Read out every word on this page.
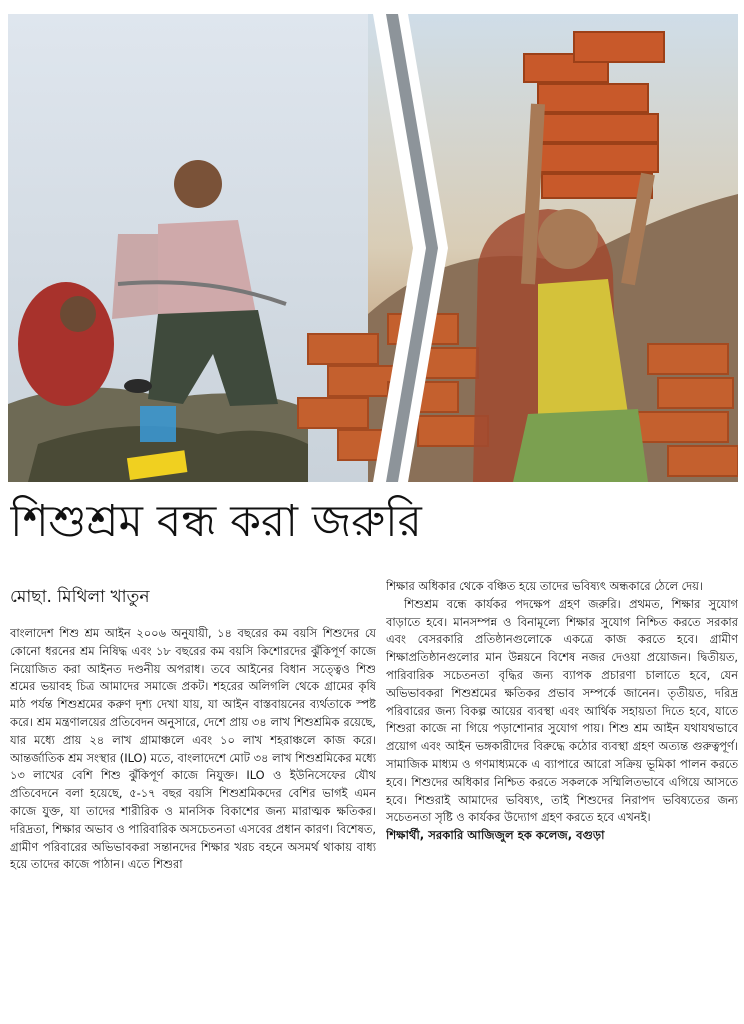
শিশুশ্রম বন্ধ করা জরুরি
মোছা. মিথিলা খাতুন

বাংলাদেশ শিশু শ্রম আইন ২০০৬ অনুযায়ী, ১৪ বছরের কম বয়সি শিশুদের যে কোনো ধরনের শ্রম নিষিদ্ধ এবং ১৮ বছরের কম বয়সি কিশোরদের ঝুঁকিপূর্ণ কাজে নিয়োজিত করা আইনত দণ্ডনীয় অপরাধ। তবে আইনের বিধান সত্ত্বেও শিশু শ্রমের ভয়াবহ চিত্র আমাদের সমাজে প্রকট। শহরের অলিগলি থেকে গ্রামের কৃষি মাঠ পর্যন্ত শিশুশ্রমের করুণ দৃশ্য দেখা যায়, যা আইন বাস্তবায়নের ব্যর্থতাকে স্পষ্ট করে। শ্রম মন্ত্রণালয়ের প্রতিবেদন অনুসারে, দেশে প্রায় ৩৪ লাখ শিশুশ্রমিক রয়েছে, যার মধ্যে প্রায় ২৪ লাখ গ্রামাঞ্চলে এবং ১০ লাখ শহরাঞ্চলে কাজ করে। আন্তর্জাতিক শ্রম সংস্থার (ILO) মতে, বাংলাদেশে মোট ৩৪ লাখ শিশুশ্রমিকের মধ্যে ১৩ লাখের বেশি শিশু ঝুঁকিপূর্ণ কাজে নিযুক্ত। ILO ও ইউনিসেফের যৌথ প্রতিবেদনে বলা হয়েছে, ৫-১৭ বছর বয়সি শিশুশ্রমিকদের বেশির ভাগই এমন কাজে যুক্ত, যা তাদের শারীরিক ও মানসিক বিকাশের জন্য মারাত্মক ক্ষতিকর। দরিদ্রতা, শিক্ষার অভাব ও পারিবারিক অসচেতনতা এসবের প্রধান কারণ। বিশেষত, গ্রামীণ পরিবারের অভিভাবকরা সন্তানদের শিক্ষার খরচ বহনে অসমর্থ থাকায় বাধ্য হয়ে তাদের কাজে পাঠান। এতে শিশুরা

শিক্ষার অধিকার থেকে বঞ্চিত হয়ে তাদের ভবিষ্যৎ অন্ধকারে ঠেলে দেয়।

শিশুশ্রম বন্ধে কার্যকর পদক্ষেপ গ্রহণ জরুরি। প্রথমত, শিক্ষার সুযোগ বাড়াতে হবে। মানসম্পন্ন ও বিনামূল্যে শিক্ষার সুযোগ নিশ্চিত করতে সরকার এবং বেসরকারি প্রতিষ্ঠানগুলোকে একত্রে কাজ করতে হবে। গ্রামীণ শিক্ষাপ্রতিষ্ঠানগুলোর মান উন্নয়নে বিশেষ নজর দেওয়া প্রয়োজন। দ্বিতীয়ত, পারিবারিক সচেতনতা বৃদ্ধির জন্য ব্যাপক প্রচারণা চালাতে হবে, যেন অভিভাবকরা শিশুশ্রমের ক্ষতিকর প্রভাব সম্পর্কে জানেন। তৃতীয়ত, দরিদ্র পরিবারের জন্য বিকল্প আয়ের ব্যবস্থা এবং আর্থিক সহায়তা দিতে হবে, যাতে শিশুরা কাজে না গিয়ে পড়াশোনার সুযোগ পায়। শিশু শ্রম আইন যথাযথভাবে প্রয়োগ এবং আইন ভঙ্গকারীদের বিরুদ্ধে কঠোর ব্যবস্থা গ্রহণ অত্যন্ত গুরুত্বপূর্ণ। সামাজিক মাধ্যম ও গণমাধ্যমকে এ ব্যাপারে আরো সক্রিয় ভূমিকা পালন করতে হবে। শিশুদের অধিকার নিশ্চিত করতে সকলকে সম্মিলিতভাবে এগিয়ে আসতে হবে। শিশুরাই আমাদের ভবিষ্যৎ, তাই শিশুদের নিরাপদ ভবিষ্যতের জন্য সচেতনতা সৃষ্টি ও কার্যকর উদ্যোগ গ্রহণ করতে হবে এখনই।

শিক্ষার্থী, সরকারি আজিজুল হক কলেজ, বগুড়া
